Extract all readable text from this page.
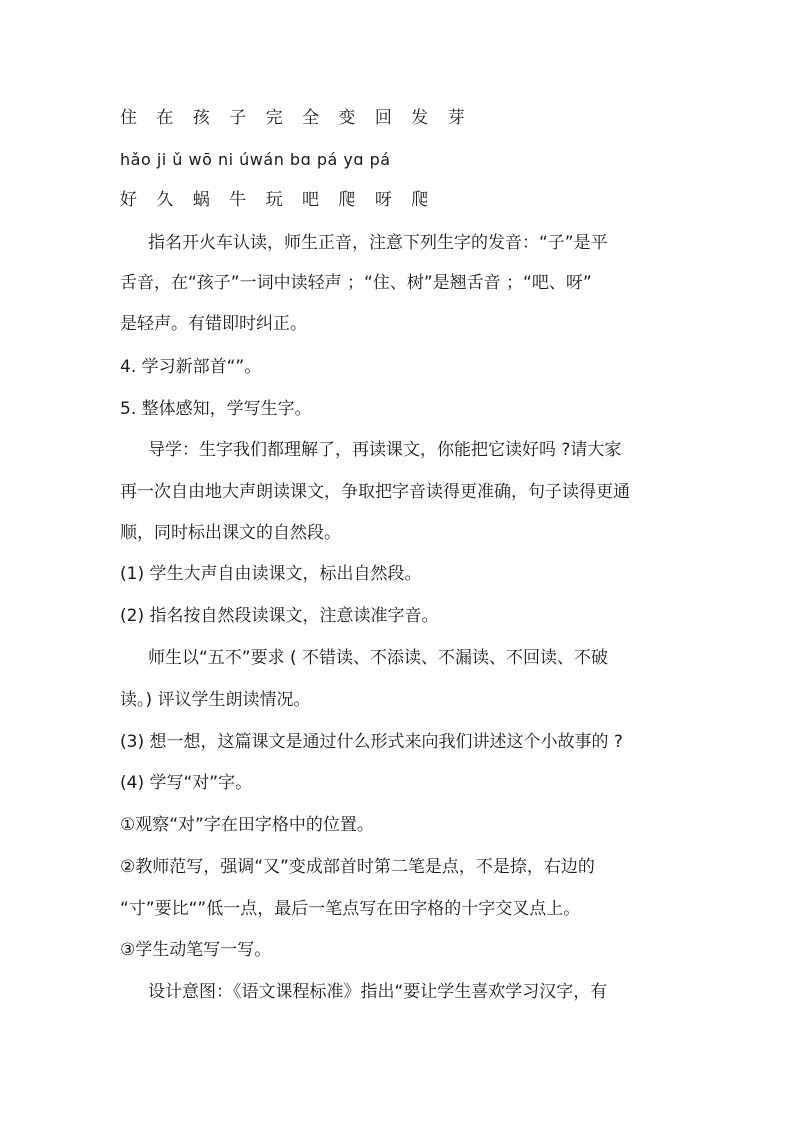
住 在 孩 子 完 全 变 回 发 芽
hǎo ji ǔ wō ni úwán bɑ pá yɑ pá
好 久 蜗 牛 玩 吧 爬 呀 爬
指名开火车认读，师生正音，注意下列生字的发音：“子”是平
舌音，在“孩子”一词中读轻声 ；“住、树”是翘舌音 ；“吧、呀”
是轻声。有错即时纠正。
4. 学习新部首“”。
5. 整体感知，学写生字。
导学：生字我们都理解了，再读课文，你能把它读好吗 ?请大家
再一次自由地大声朗读课文，争取把字音读得更准确，句子读得更通
顺，同时标出课文的自然段。
(1) 学生大声自由读课文，标出自然段。
(2) 指名按自然段读课文，注意读准字音。
师生以“五不”要求 ( 不错读、不添读、不漏读、不回读、不破
读。) 评议学生朗读情况。
(3) 想一想，这篇课文是通过什么形式来向我们讲述这个小故事的 ?
(4) 学写“对”字。
①观察“对”字在田字格中的位置。
②教师范写，强调“又”变成部首时第二笔是点，不是捺，右边的
“寸”要比“”低一点，最后一笔点写在田字格的十字交叉点上。
③学生动笔写一写。
设计意图：《语文课程标准》指出“要让学生喜欢学习汉字，有
